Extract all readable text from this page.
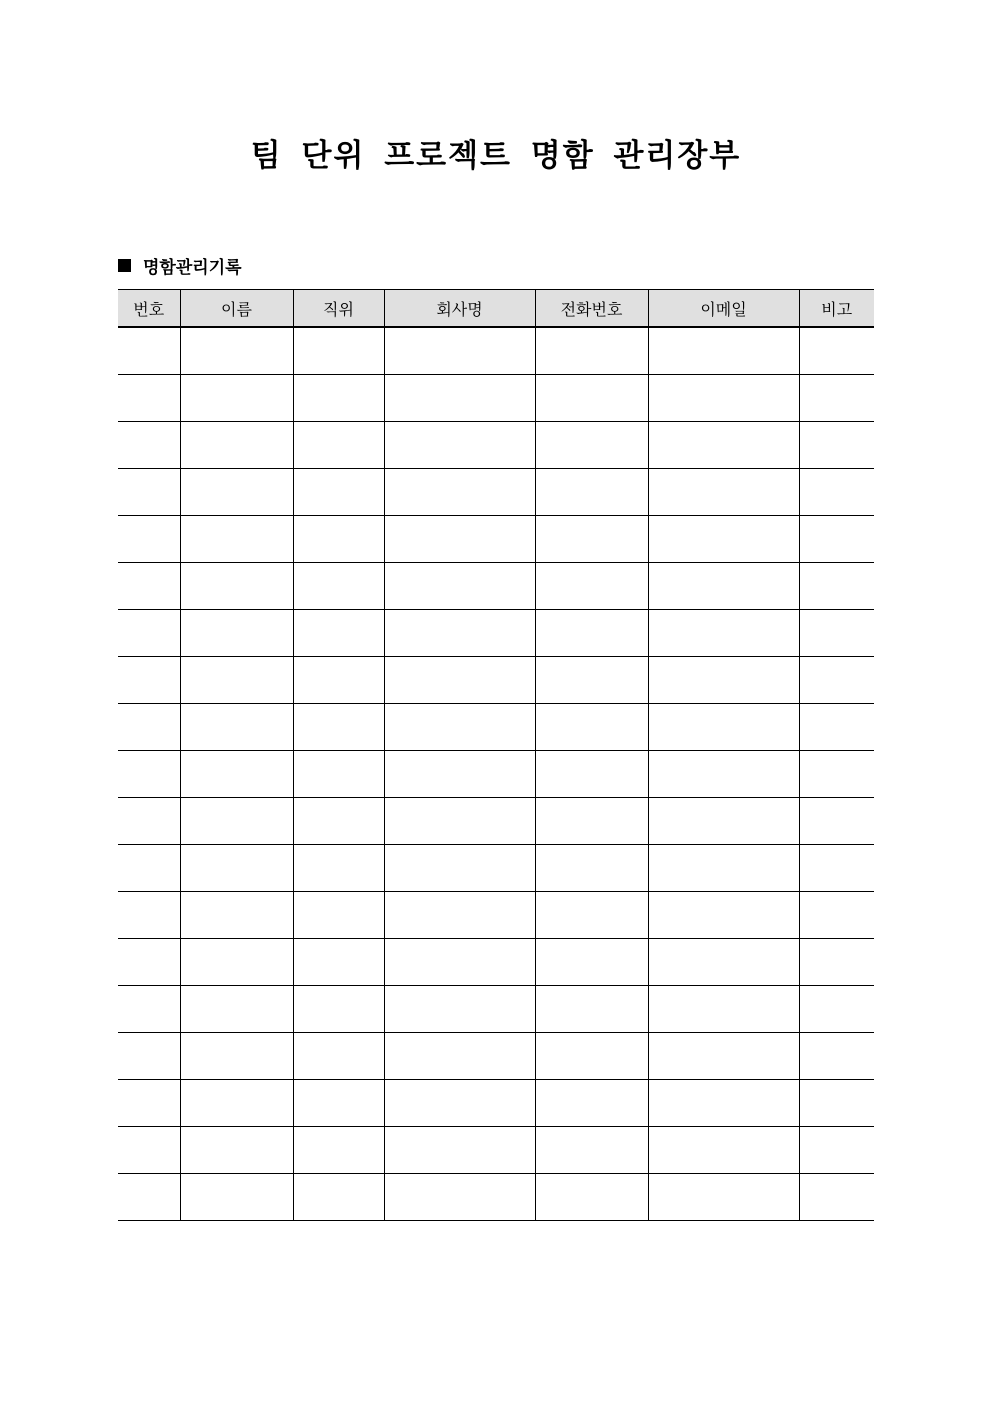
팀 단위 프로젝트 명함 관리장부
명함관리기록
번호	이름	직위	회사명	전화번호	이메일	비고
